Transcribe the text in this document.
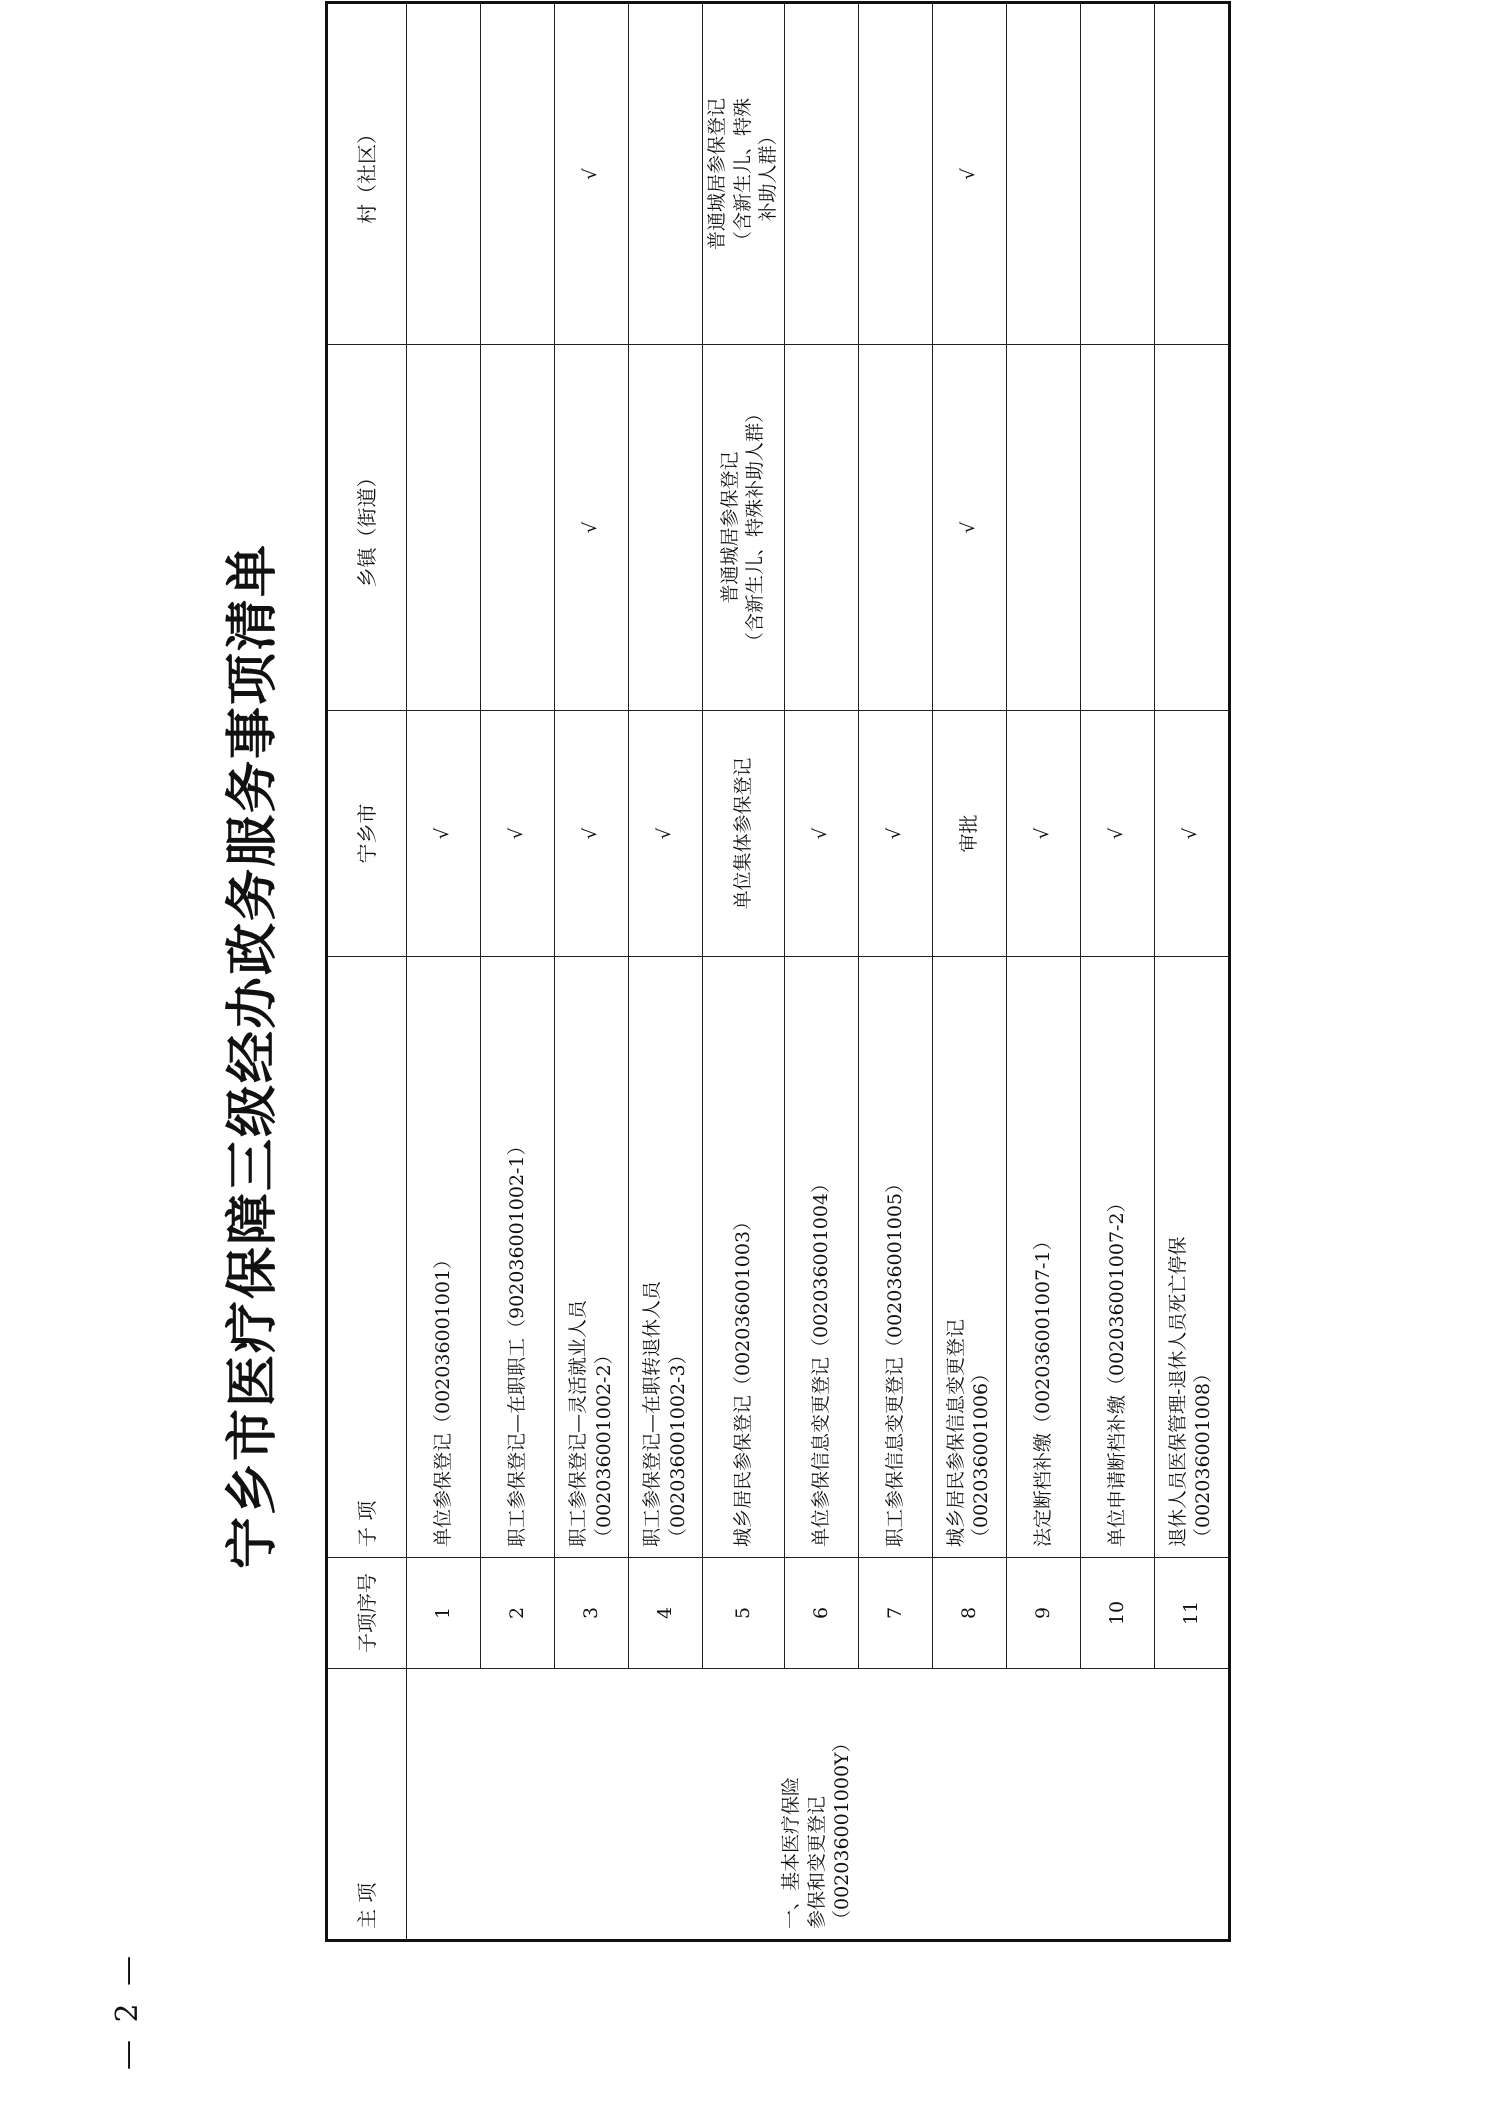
宁乡市医疗保障三级经办政务服务事项清单
主 项	子项序号	子 项	宁乡市	乡镇（街道）	村（社区）

一、基本医疗保险 参保和变更登记 （002036001000Y）	1	单位参保登记（002036001001）	√		
	2	职工参保登记—在职职工（902036001002-1）	√		
	3	职工参保登记—灵活就业人员 （002036001002-2）	√	√	√
	4	职工参保登记—在职转退休人员 （002036001002-3）	√		
	5	城乡居民参保登记（002036001003）	单位集体参保登记	普通城居参保登记 （含新生儿、特殊补助人群）	普通城居参保登记 （含新生儿、特殊 补助人群）

	6	单位参保信息变更登记（002036001004）	√		
	7	职工参保信息变更登记（002036001005）	√		
	8	城乡居民参保信息变更登记 （002036001006）	审批	√	√
	9	法定断档补缴（002036001007-1）	√		
	10	单位申请断档补缴（002036001007-2）	√		
	11	退休人员医保管理-退休人员死亡停保 （002036001008）	√		
— 2 —
